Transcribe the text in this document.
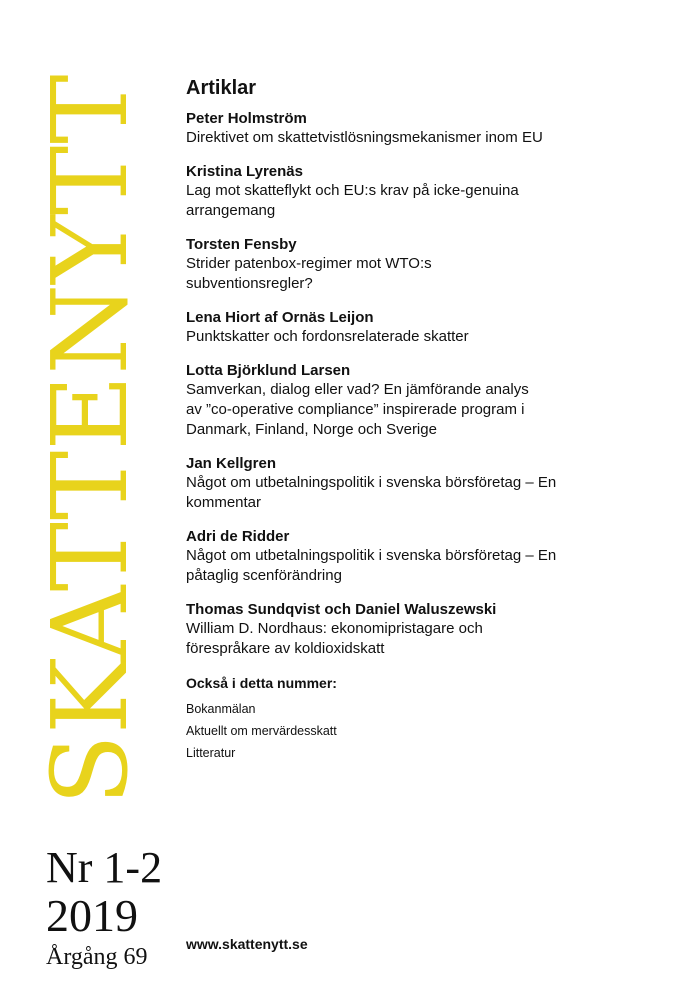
SKATTENYTT
Nr 1-2
2019
Årgång 69
Artiklar
Peter Holmström
Direktivet om skattetvistlösningsmekanismer inom EU
Kristina Lyrenäs
Lag mot skatteflykt och EU:s krav på icke-genuina arrangemang
Torsten Fensby
Strider patenbox-regimer mot WTO:s subventionsregler?
Lena Hiort af Ornäs Leijon
Punktskatter och fordonsrelaterade skatter
Lotta Björklund Larsen
Samverkan, dialog eller vad? En jämförande analys av ”co-operative compliance” inspirerade program i Danmark, Finland, Norge och Sverige
Jan Kellgren
Något om utbetalningspolitik i svenska börsföretag – En kommentar
Adri de Ridder
Något om utbetalningspolitik i svenska börsföretag – En påtaglig scenförändring
Thomas Sundqvist och Daniel Waluszewski
William D. Nordhaus: ekonomipristagare och förespråkare av koldioxidskatt
Också i detta nummer:
Bokanmälan
Aktuellt om mervärdesskatt
Litteratur
www.skattenytt.se
